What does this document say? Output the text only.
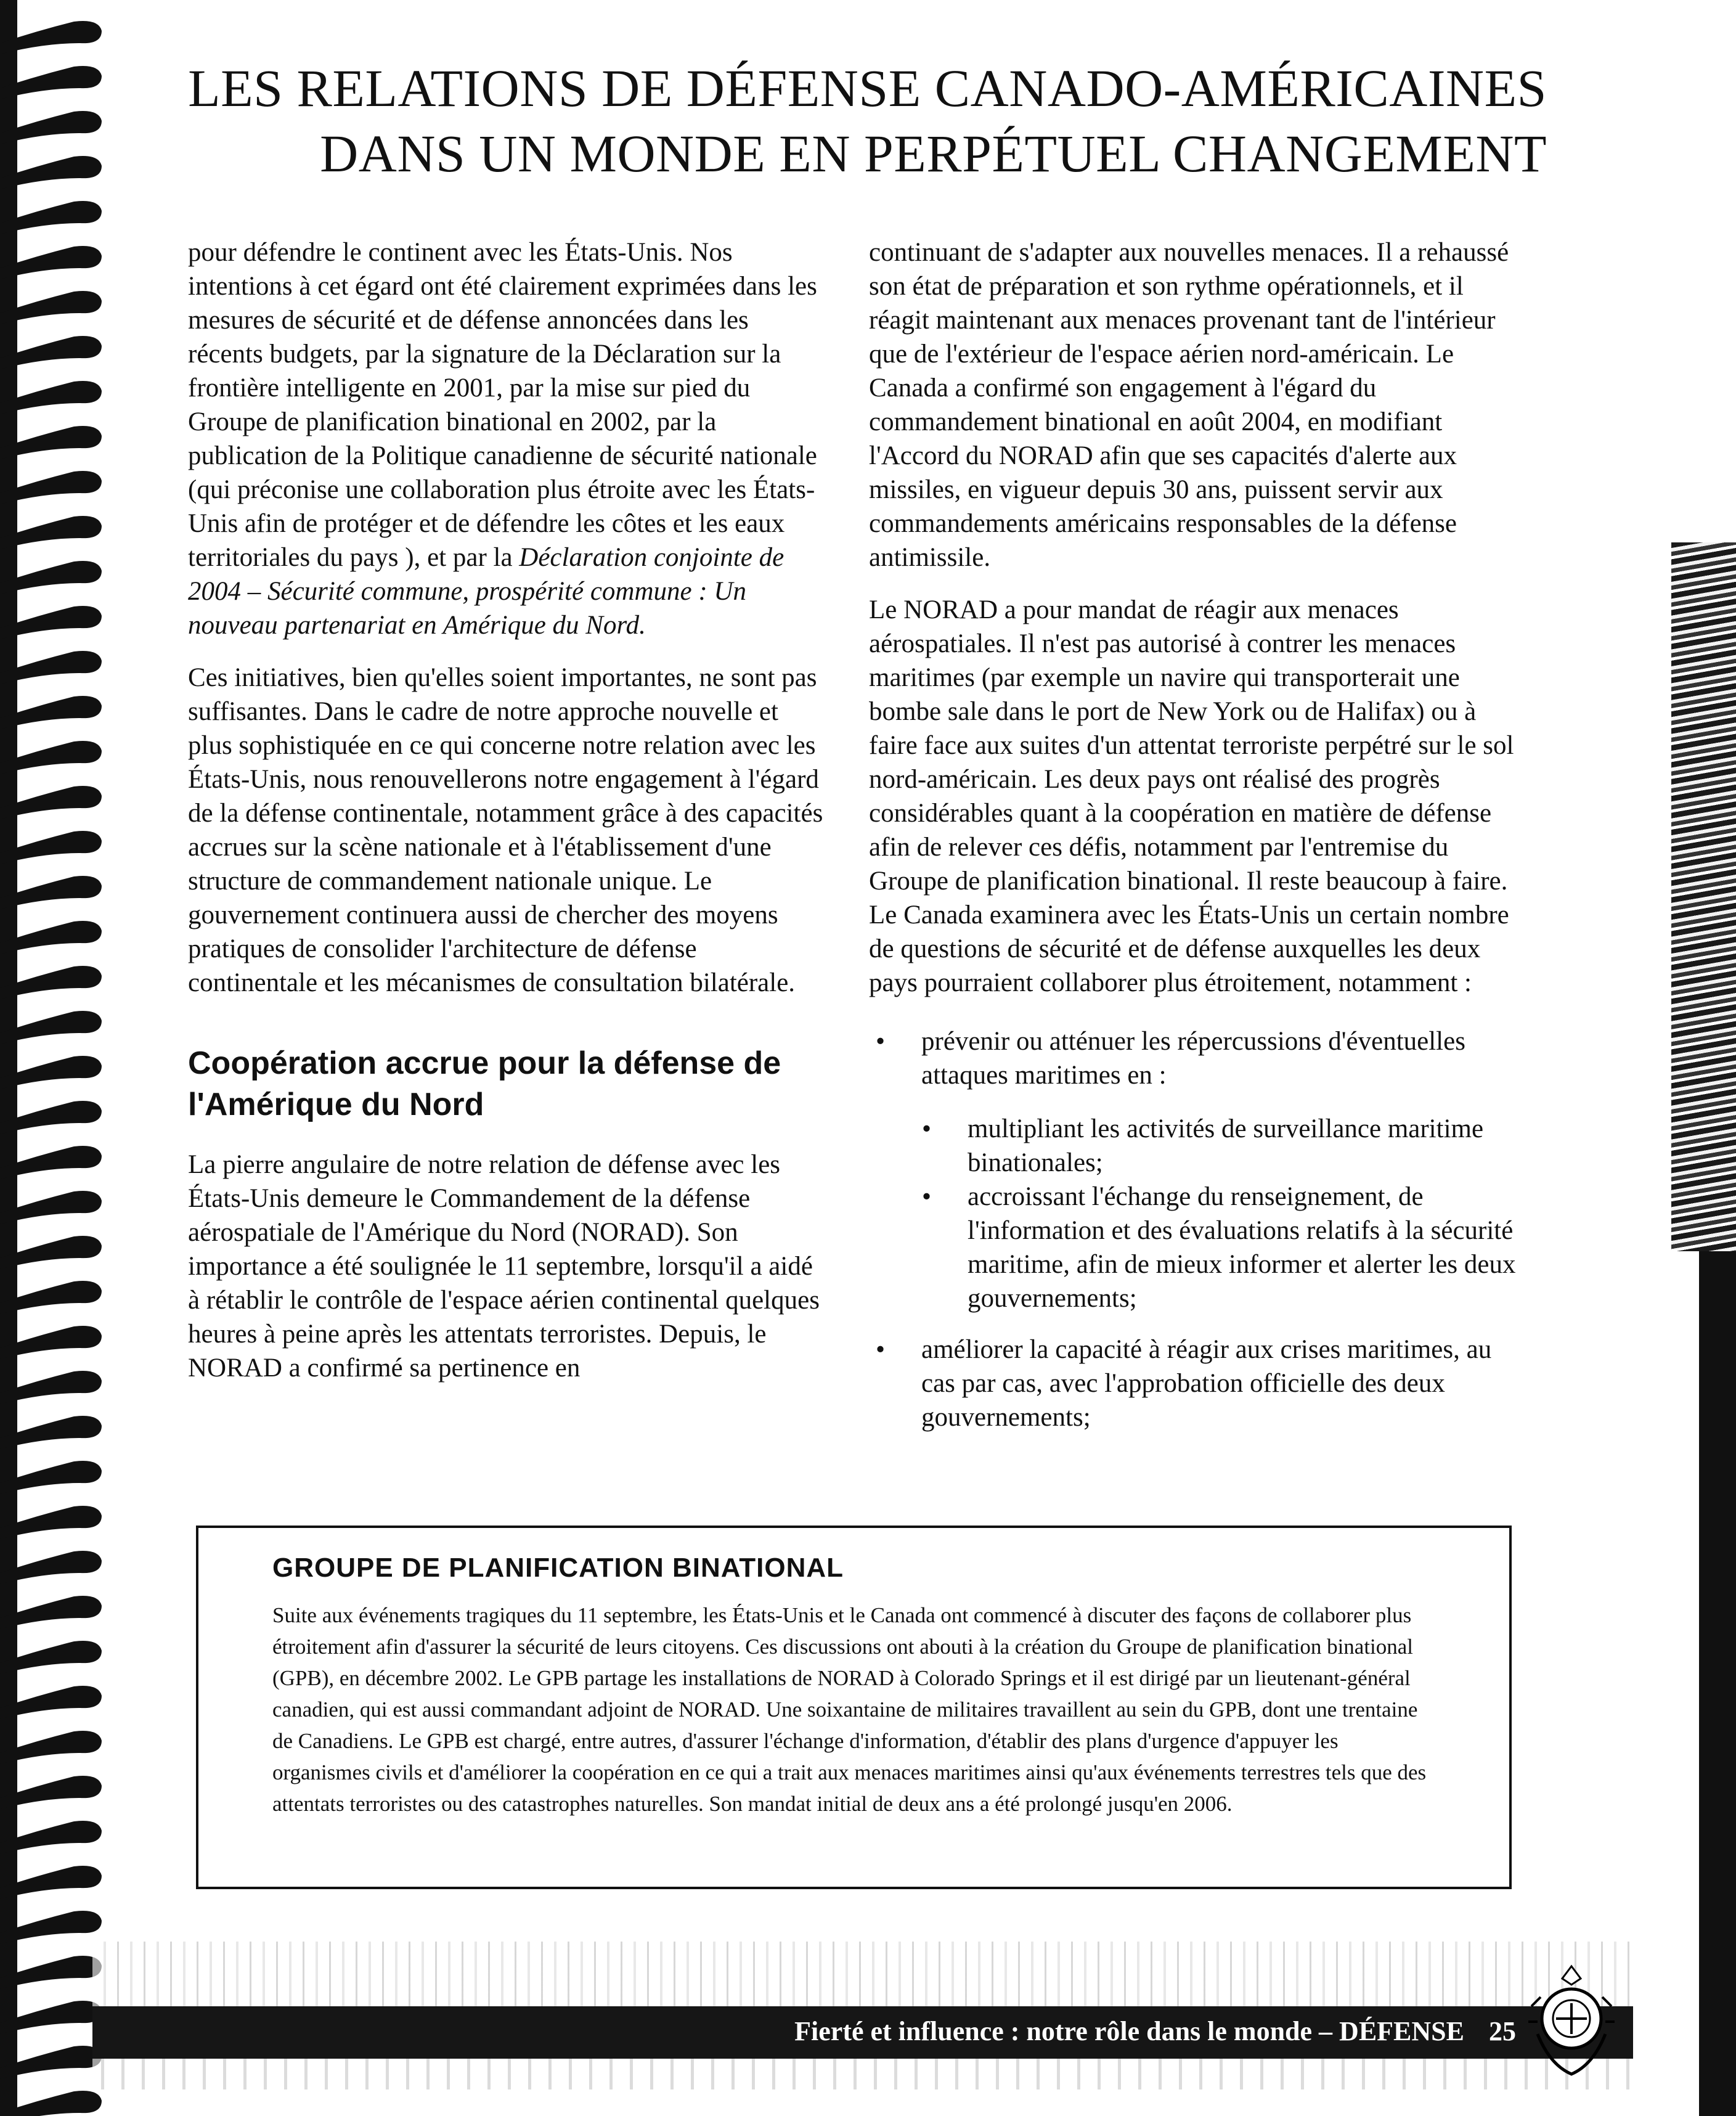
LES RELATIONS DE DÉFENSE CANADO-AMÉRICAINES
DANS UN MONDE EN PERPÉTUEL CHANGEMENT

pour défendre le continent avec les États-Unis. Nos intentions à cet égard ont été clairement exprimées dans les mesures de sécurité et de défense annoncées dans les récents budgets, par la signature de la Déclaration sur la frontière intelligente en 2001, par la mise sur pied du Groupe de planification binational en 2002, par la publication de la Politique canadienne de sécurité nationale (qui préconise une collaboration plus étroite avec les États-Unis afin de protéger et de défendre les côtes et les eaux territoriales du pays ), et par la Déclaration conjointe de 2004 – Sécurité commune, prospérité commune : Un nouveau partenariat en Amérique du Nord.

Ces initiatives, bien qu'elles soient importantes, ne sont pas suffisantes. Dans le cadre de notre approche nouvelle et plus sophistiquée en ce qui concerne notre relation avec les États-Unis, nous renouvellerons notre engagement à l'égard de la défense continentale, notamment grâce à des capacités accrues sur la scène nationale et à l'établissement d'une structure de commandement nationale unique. Le gouvernement continuera aussi de chercher des moyens pratiques de consolider l'architecture de défense continentale et les mécanismes de consultation bilatérale.

Coopération accrue pour la défense de l'Amérique du Nord

La pierre angulaire de notre relation de défense avec les États-Unis demeure le Commandement de la défense aérospatiale de l'Amérique du Nord (NORAD). Son importance a été soulignée le 11 septembre, lorsqu'il a aidé à rétablir le contrôle de l'espace aérien continental quelques heures à peine après les attentats terroristes. Depuis, le NORAD a confirmé sa pertinence en

continuant de s'adapter aux nouvelles menaces. Il a rehaussé son état de préparation et son rythme opérationnels, et il réagit maintenant aux menaces provenant tant de l'intérieur que de l'extérieur de l'espace aérien nord-américain. Le Canada a confirmé son engagement à l'égard du commandement binational en août 2004, en modifiant l'Accord du NORAD afin que ses capacités d'alerte aux missiles, en vigueur depuis 30 ans, puissent servir aux commandements américains responsables de la défense antimissile.

Le NORAD a pour mandat de réagir aux menaces aérospatiales. Il n'est pas autorisé à contrer les menaces maritimes (par exemple un navire qui transporterait une bombe sale dans le port de New York ou de Halifax) ou à faire face aux suites d'un attentat terroriste perpétré sur le sol nord-américain. Les deux pays ont réalisé des progrès considérables quant à la coopération en matière de défense afin de relever ces défis, notamment par l'entremise du Groupe de planification binational. Il reste beaucoup à faire. Le Canada examinera avec les États-Unis un certain nombre de questions de sécurité et de défense auxquelles les deux pays pourraient collaborer plus étroitement, notamment :

• prévenir ou atténuer les répercussions d'éventuelles attaques maritimes en :
• multipliant les activités de surveillance maritime binationales;
• accroissant l'échange du renseignement, de l'information et des évaluations relatifs à la sécurité maritime, afin de mieux informer et alerter les deux gouvernements;
• améliorer la capacité à réagir aux crises maritimes, au cas par cas, avec l'approbation officielle des deux gouvernements;
GROUPE DE PLANIFICATION BINATIONAL

Suite aux événements tragiques du 11 septembre, les États-Unis et le Canada ont commencé à discuter des façons de collaborer plus étroitement afin d'assurer la sécurité de leurs citoyens. Ces discussions ont abouti à la création du Groupe de planification binational (GPB), en décembre 2002. Le GPB partage les installations de NORAD à Colorado Springs et il est dirigé par un lieutenant-général canadien, qui est aussi commandant adjoint de NORAD. Une soixantaine de militaires travaillent au sein du GPB, dont une trentaine de Canadiens. Le GPB est chargé, entre autres, d'assurer l'échange d'information, d'établir des plans d'urgence d'appuyer les organismes civils et d'améliorer la coopération en ce qui a trait aux menaces maritimes ainsi qu'aux événements terrestres tels que des attentats terroristes ou des catastrophes naturelles. Son mandat initial de deux ans a été prolongé jusqu'en 2006.

Fierté et influence : notre rôle dans le monde – DÉFENSE 25
